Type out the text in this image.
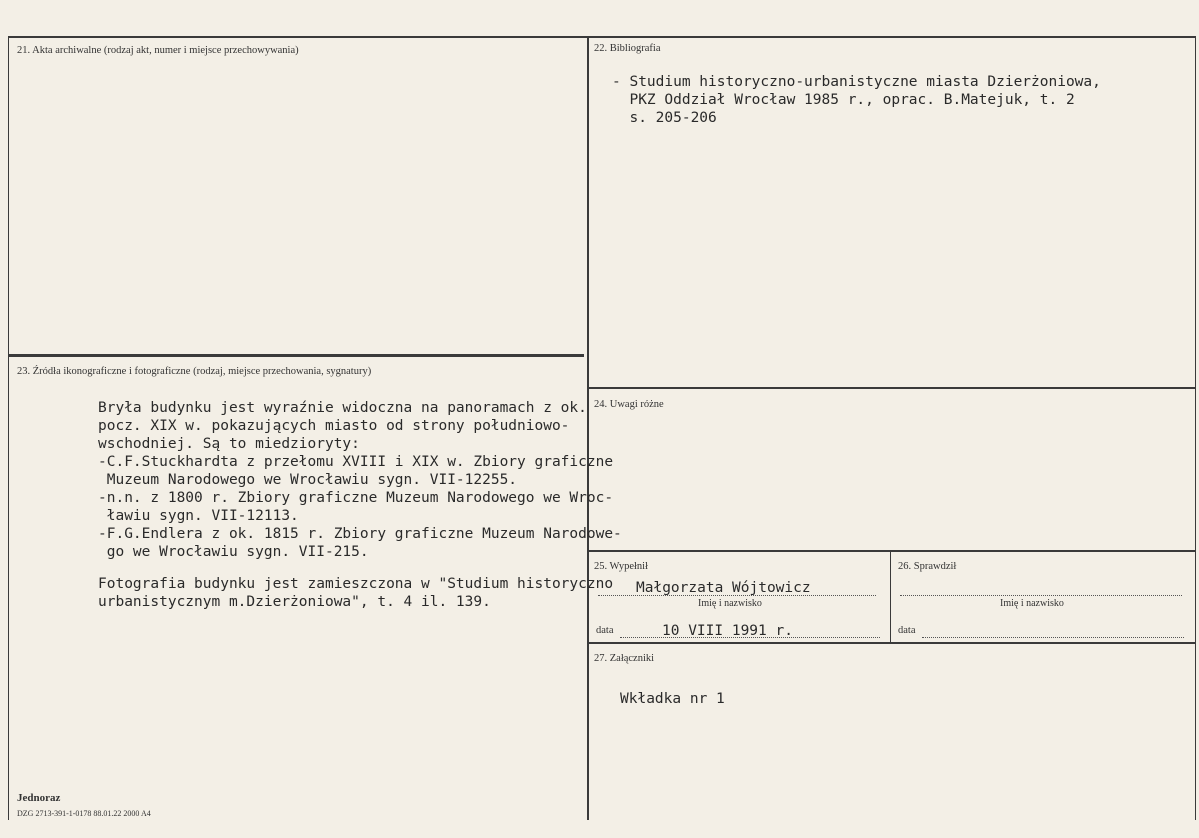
21. Akta archiwalne (rodzaj akt, numer i miejsce przechowywania)	22. Bibliografia
- Studium historyczno-urbanistyczne miasta Dzierżoniowa,
PKZ Oddział Wrocław 1985 r., oprac. B.Matejuk, t. 2
s. 205-206
23. Źródła ikonograficzne i fotograficzne (rodzaj, miejsce przechowania, sygnatury)
Bryła budynku jest wyraźnie widoczna na panoramach z ok.
pocz. XIX w. pokazujących miasto od strony południowo-
wschodniej. Są to miedzioryty:
-C.F.Stuckhardta z przełomu XVIII i XIX w. Zbiory graficzne
Muzeum Narodowego we Wrocławiu sygn. VII-12255.
-n.n. z 1800 r. Zbiory graficzne Muzeum Narodowego we Wroc-
ławiu sygn. VII-12113.
-F.G.Endlera z ok. 1815 r. Zbiory graficzne Muzeum Narodowe-
go we Wrocławiu sygn. VII-215.
Fotografia budynku jest zamieszczona w "Studium historyczno
urbanistycznym m.Dzierżoniowa", t. 4 il. 139.
24. Uwagi różne
25. Wypełnił
Małgorzata Wójtowicz
Imię i nazwisko
data	10 VIII 1991 r.
26. Sprawdził
Imię i nazwisko
data
27. Załączniki
Wkładka nr 1
Jednoraz
DZG 2713-391-1-0178 88.01.22 2000 A4
